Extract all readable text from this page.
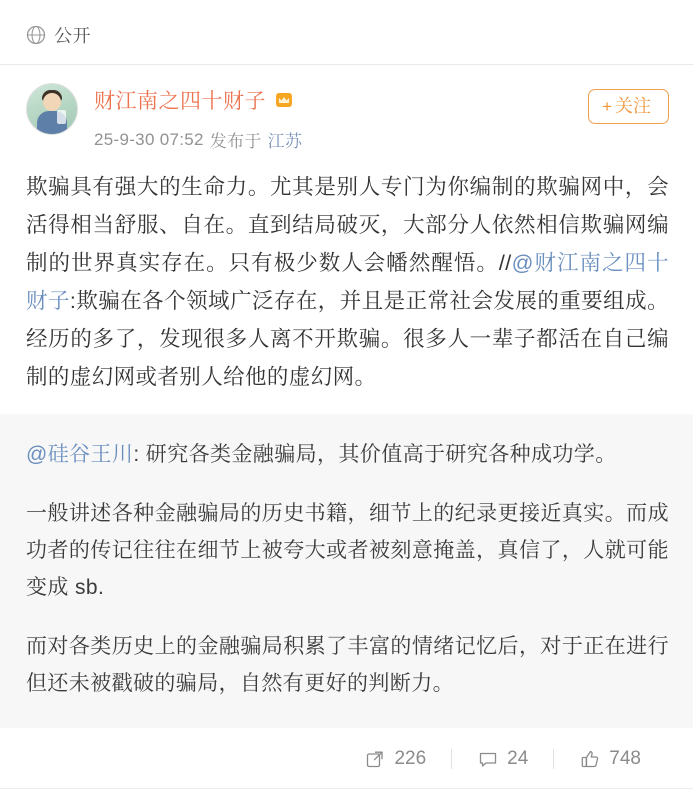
公开
财江南之四十财子
25-9-30 07:52 发布于 江苏
+ 关注
欺骗具有强大的生命力。尤其是别人专门为你编制的欺骗网中，会活得相当舒服、自在。直到结局破灭，大部分人依然相信欺骗网编制的世界真实存在。只有极少数人会幡然醒悟。//@财江南之四十财子:欺骗在各个领域广泛存在，并且是正常社会发展的重要组成。经历的多了，发现很多人离不开欺骗。很多人一辈子都活在自己编制的虚幻网或者别人给他的虚幻网。

@硅谷王川: 研究各类金融骗局，其价值高于研究各种成功学。

一般讲述各种金融骗局的历史书籍，细节上的纪录更接近真实。而成功者的传记往往在细节上被夸大或者被刻意掩盖，真信了，人就可能变成 sb.

而对各类历史上的金融骗局积累了丰富的情绪记忆后，对于正在进行但还未被戳破的骗局，自然有更好的判断力。

226	24	748
